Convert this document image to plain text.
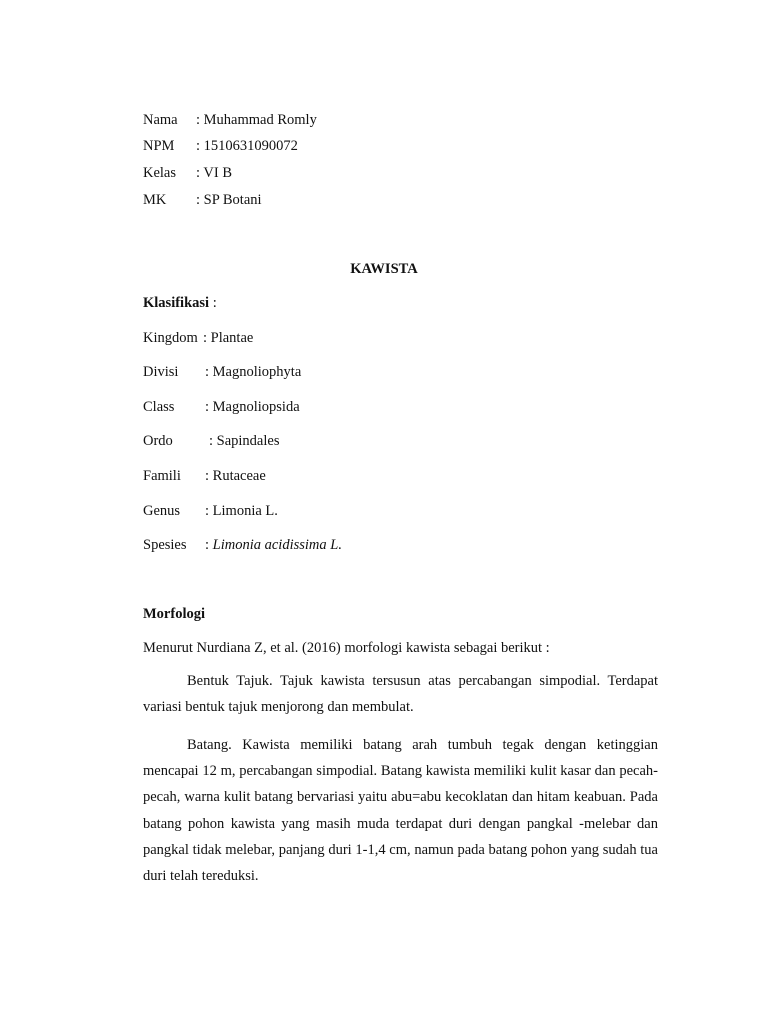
Nama : Muhammad Romly
NPM : 1510631090072
Kelas : VI B
MK : SP Botani
KAWISTA
Klasifikasi :
Kingdom : Plantae
Divisi : Magnoliophyta
Class : Magnoliopsida
Ordo : Sapindales
Famili : Rutaceae
Genus : Limonia L.
Spesies : Limonia acidissima L.
Morfologi
Menurut Nurdiana Z, et al. (2016) morfologi kawista sebagai berikut :
Bentuk Tajuk. Tajuk kawista tersusun atas percabangan simpodial. Terdapat variasi bentuk tajuk menjorong dan membulat.
Batang. Kawista memiliki batang arah tumbuh tegak dengan ketinggian mencapai 12 m, percabangan simpodial. Batang kawista memiliki kulit kasar dan pecah-pecah, warna kulit batang bervariasi yaitu abu=abu kecoklatan dan hitam keabuan. Pada batang pohon kawista yang masih muda terdapat duri dengan pangkal -melebar dan pangkal tidak melebar, panjang duri 1-1,4 cm, namun pada batang pohon yang sudah tua duri telah tereduksi.
